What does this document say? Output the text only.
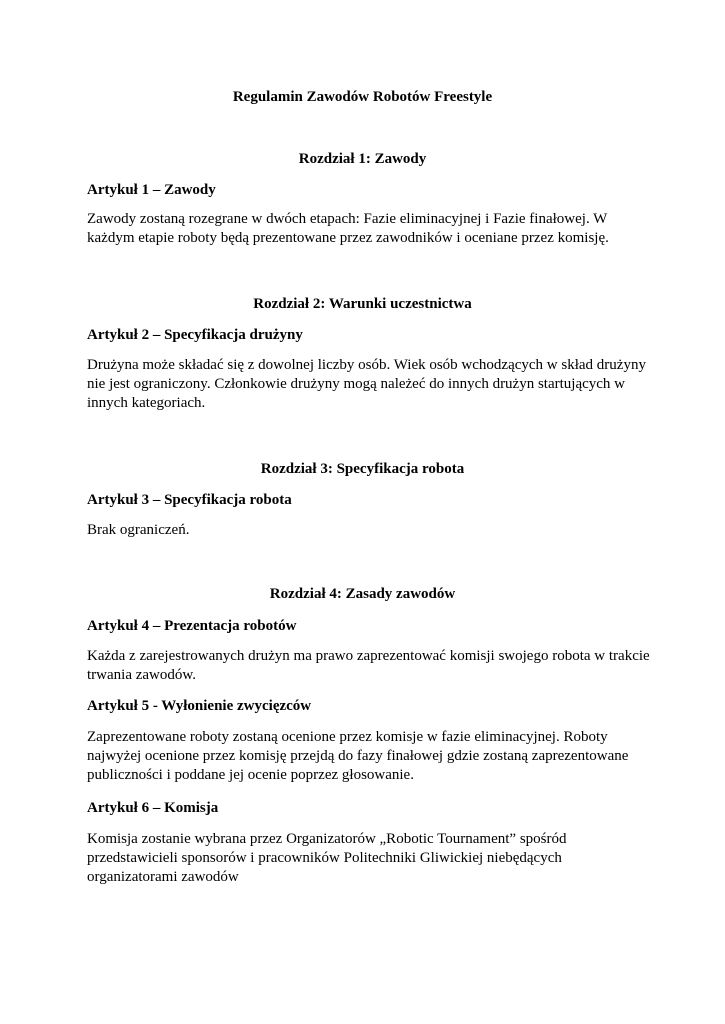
Regulamin Zawodów Robotów Freestyle
Rozdział 1: Zawody
Artykuł 1 – Zawody
Zawody zostaną rozegrane w dwóch etapach: Fazie eliminacyjnej i Fazie finałowej. W
każdym etapie roboty będą prezentowane przez zawodników i oceniane przez komisję.
Rozdział 2: Warunki uczestnictwa
Artykuł 2 – Specyfikacja drużyny
Drużyna może składać się z dowolnej liczby osób. Wiek osób wchodzących w skład drużyny
nie jest ograniczony. Członkowie drużyny mogą należeć do innych drużyn startujących w
innych kategoriach.
Rozdział 3: Specyfikacja robota
Artykuł 3 – Specyfikacja robota
Brak ograniczeń.
Rozdział 4: Zasady zawodów
Artykuł 4 – Prezentacja robotów
Każda z zarejestrowanych drużyn ma prawo zaprezentować komisji swojego robota w trakcie
trwania zawodów.
Artykuł 5 - Wyłonienie zwycięzców
Zaprezentowane roboty zostaną ocenione przez komisje w fazie eliminacyjnej. Roboty
najwyżej ocenione przez komisję przejdą do fazy finałowej gdzie zostaną zaprezentowane
publiczności i poddane jej ocenie poprzez głosowanie.
Artykuł 6 – Komisja
Komisja zostanie wybrana przez Organizatorów „Robotic Tournament” spośród
przedstawicieli sponsorów i pracowników Politechniki Gliwickiej niebędących
organizatorami zawodów
